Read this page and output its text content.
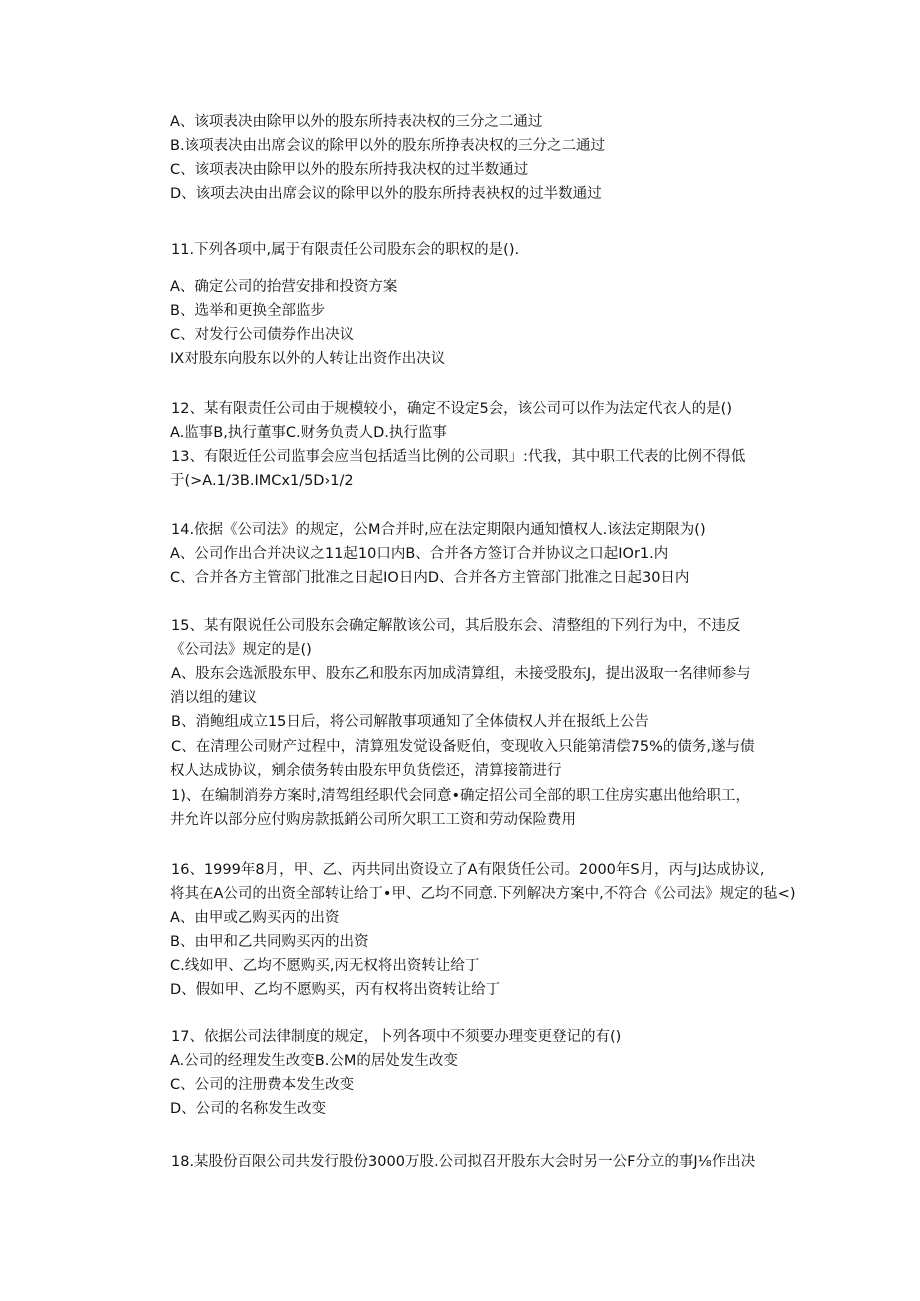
A、该项表决由除甲以外的股东所持表决权的三分之二通过
B.该项表决由出席会议的除甲以外的股东所挣表决权的三分之二通过
C、该项表决由除甲以外的股东所持我决权的过半数通过
D、该项去决由出席会议的除甲以外的股东所持表袂权的过半数通过
11.下列各项中,属于有限责任公司股东会的职权的是().
A、确定公司的抬营安排和投资方案
B、选举和更换全部监步
C、对发行公司债券作出决议
IX对股东向股东以外的人转让出资作出决议
12、某有限责任公司由于规模较小，确定不设定5会，该公司可以作为法定代衣人的是()
A.监事B,执行董事C.财务负责人D.执行监事
13、有限近任公司监事会应当包括适当比例的公司职」:代我，其中职工代表的比例不得低
于(>A.1/3B.IMCx1/5D›1/2
14.依据《公司法》的规定，公M合并时,应在法定期限内通知憤权人.该法定期限为()
A、公司作出合并决议之11起10口内B、合并各方签订合并协议之口起IOr1.内
C、合并各方主管部门批准之日起IO日内D、合并各方主管部门批准之日起30日内
15、某有限说任公司股东会确定解散该公司，其后股东会、清整组的下列行为中，不违反
《公司法》规定的是()
A、股东会选派股东甲、股东乙和股东丙加成清算组，未接受股东J，提出汲取一名律师参与
消以组的建议
B、消鲍组成立15日后，将公司解散事项通知了全体债权人并在报纸上公告
C、在清理公司财产过程中，清算殂发觉设备贬伯，变现收入只能第清偿75%的债务,遂与债
权人达成协议，剜余债务转由股东甲负货偿还，清算接箭进行
1)、在编制消券方案时,清驾组经职代会同意•确定招公司全部的职工住房实惠出他给职工，
井允许以部分应付购房款抵銷公司所欠职工工资和劳动保险费用
16、1999年8月，甲、乙、丙共同出资设立了A有限货任公司。2000年S月，丙与J达成协议,
将其在A公司的出资全部转让给丁•甲、乙均不同意.下列解决方案中,不符合《公司法》规定的毡<)
A、由甲或乙购买丙的出资
B、由甲和乙共同购买丙的出资
C.线如甲、乙均不愿购买,丙无权将出资转让给丁
D、假如甲、乙均不愿购买，丙有权将出资转让给丁
17、依据公司法律制度的规定，卜列各项中不须要办理变更登记的有()
A.公司的经理发生改变B.公M的居处发生改变
C、公司的注册费本发生改变
D、公司的名称发生改变
18.某股份百限公司共发行股份3000万股.公司拟召开股东大会时另一公F分立的事J⅛作出决
